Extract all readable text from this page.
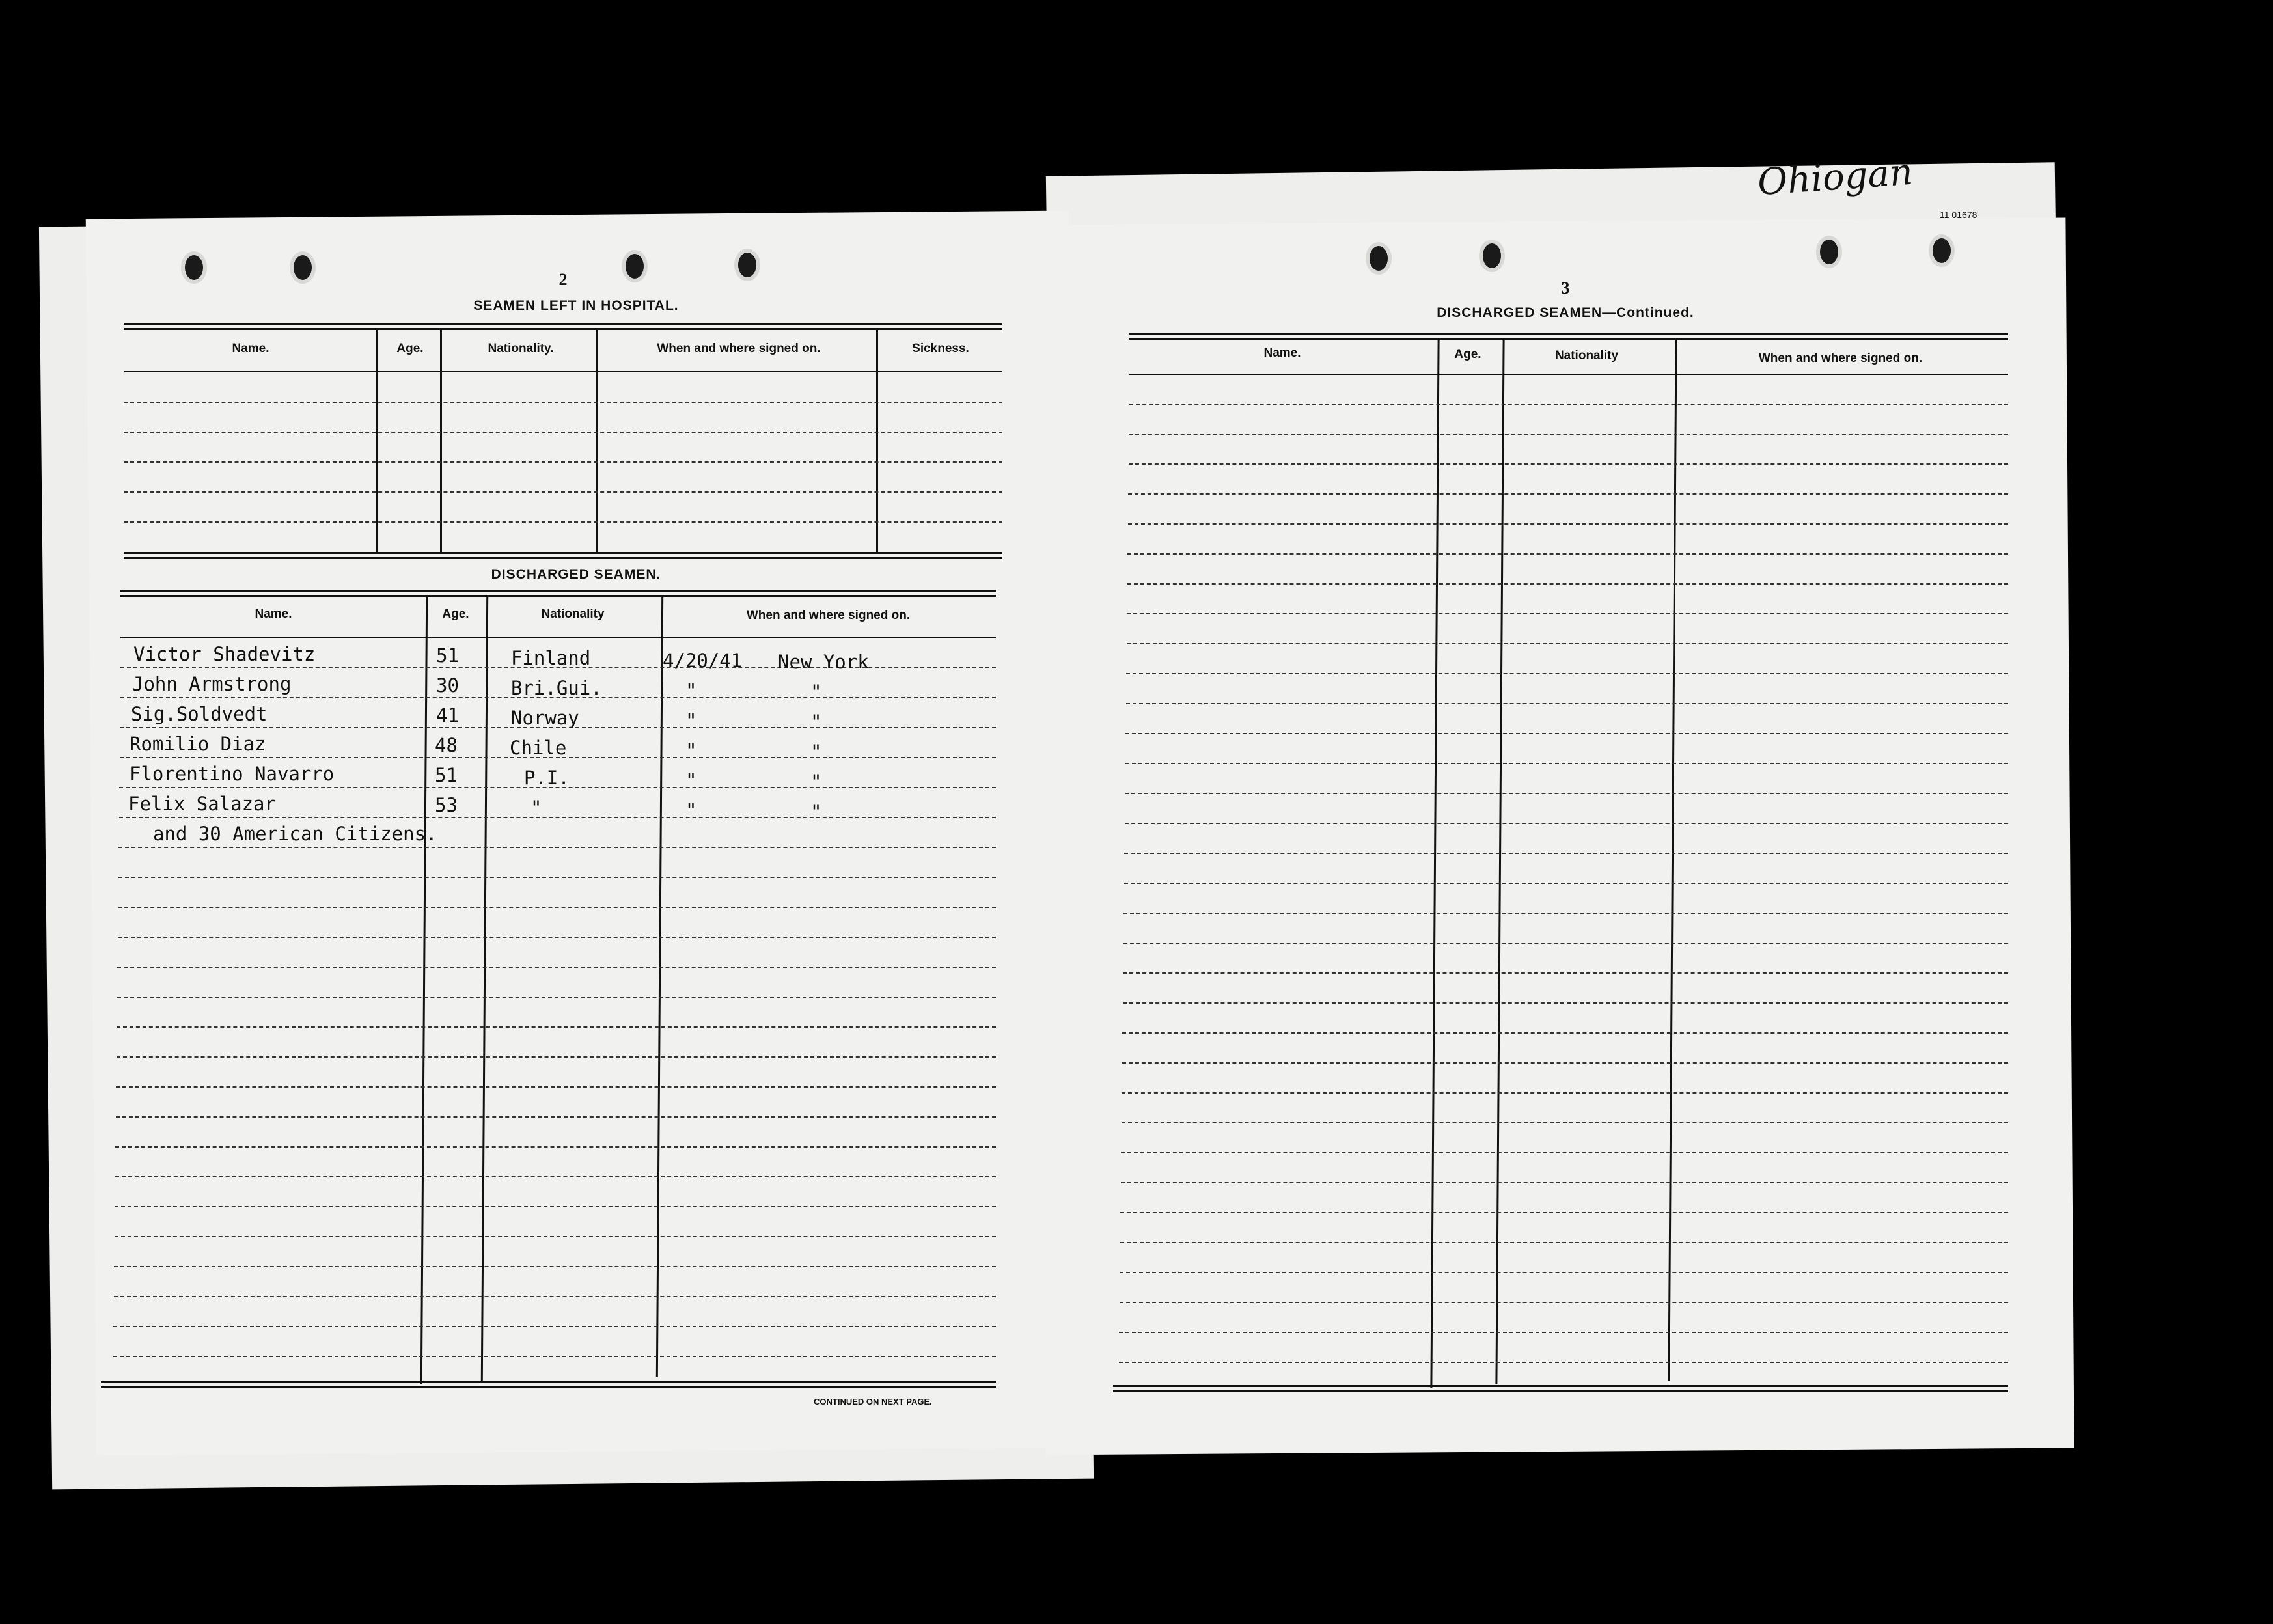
Ohiogan
11 01678
2
SEAMEN LEFT IN HOSPITAL.
Name.	Age.	Nationality.	When and where signed on.	Sickness.
DISCHARGED SEAMEN.
Name.	Age.	Nationality	When and where signed on.
CONTINUED ON NEXT PAGE.
Victor Shadevitz	51	Finland	4/20/41 New York
John Armstrong	30	Bri.Gui.	"	"
Sig.Soldvedt	41	Norway	"	"
Romilio Diaz	48	Chile	"	"
Florentino Navarro	51	P.I.	"	"
Felix Salazar	53	"	"	"
and 30 American Citizens.
3
DISCHARGED SEAMEN—Continued.
Name.	Age.	Nationality	When and where signed on.
